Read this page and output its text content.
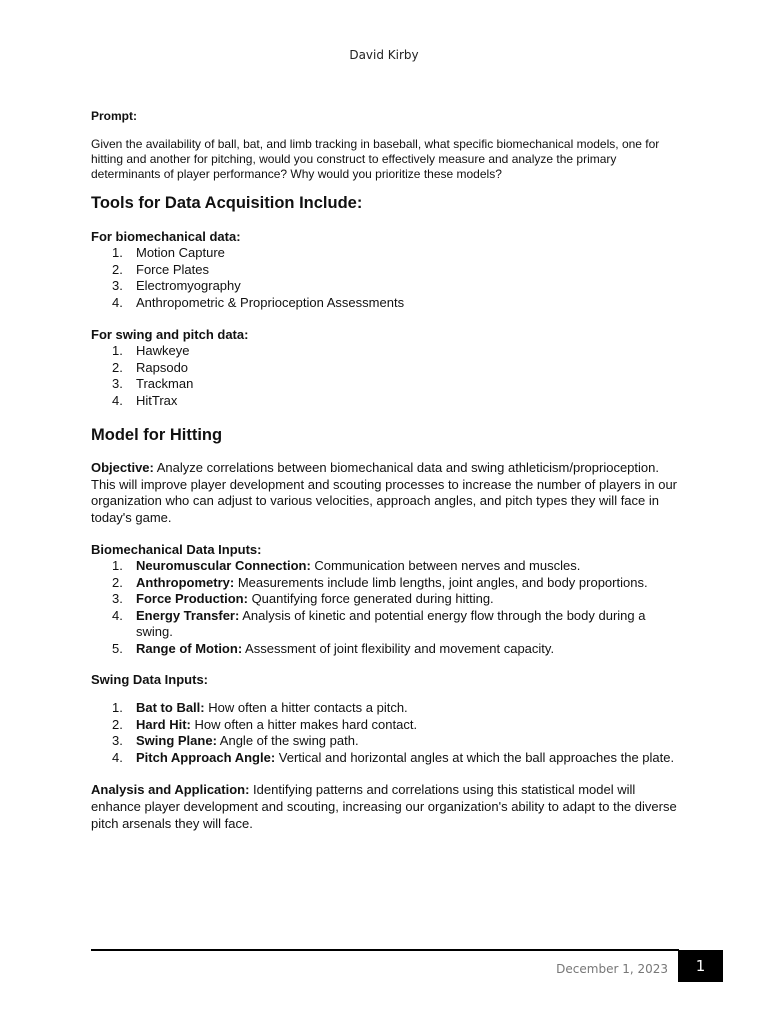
David Kirby

Prompt:

Given the availability of ball, bat, and limb tracking in baseball, what specific biomechanical models, one for hitting and another for pitching, would you construct to effectively measure and analyze the primary determinants of player performance? Why would you prioritize these models?

Tools for Data Acquisition Include:

For biomechanical data:

1. Motion Capture
2. Force Plates
3. Electromyography
4. Anthropometric & Proprioception Assessments

For swing and pitch data:

1. Hawkeye
2. Rapsodo
3. Trackman
4. HitTrax
Model for Hitting

Objective: Analyze correlations between biomechanical data and swing athleticism/proprioception. This will improve player development and scouting processes to increase the number of players in our organization who can adjust to various velocities, approach angles, and pitch types they will face in today's game.

Biomechanical Data Inputs:

1. Neuromuscular Connection: Communication between nerves and muscles.
2. Anthropometry: Measurements include limb lengths, joint angles, and body proportions.
3. Force Production: Quantifying force generated during hitting.
4. Energy Transfer: Analysis of kinetic and potential energy flow through the body during a swing.
5. Range of Motion: Assessment of joint flexibility and movement capacity.

Swing Data Inputs:

1. Bat to Ball: How often a hitter contacts a pitch.
2. Hard Hit: How often a hitter makes hard contact.
3. Swing Plane: Angle of the swing path.
4. Pitch Approach Angle: Vertical and horizontal angles at which the ball approaches the plate.

Analysis and Application: Identifying patterns and correlations using this statistical model will enhance player development and scouting, increasing our organization's ability to adapt to the diverse pitch arsenals they will face.

December 1, 2023	1
